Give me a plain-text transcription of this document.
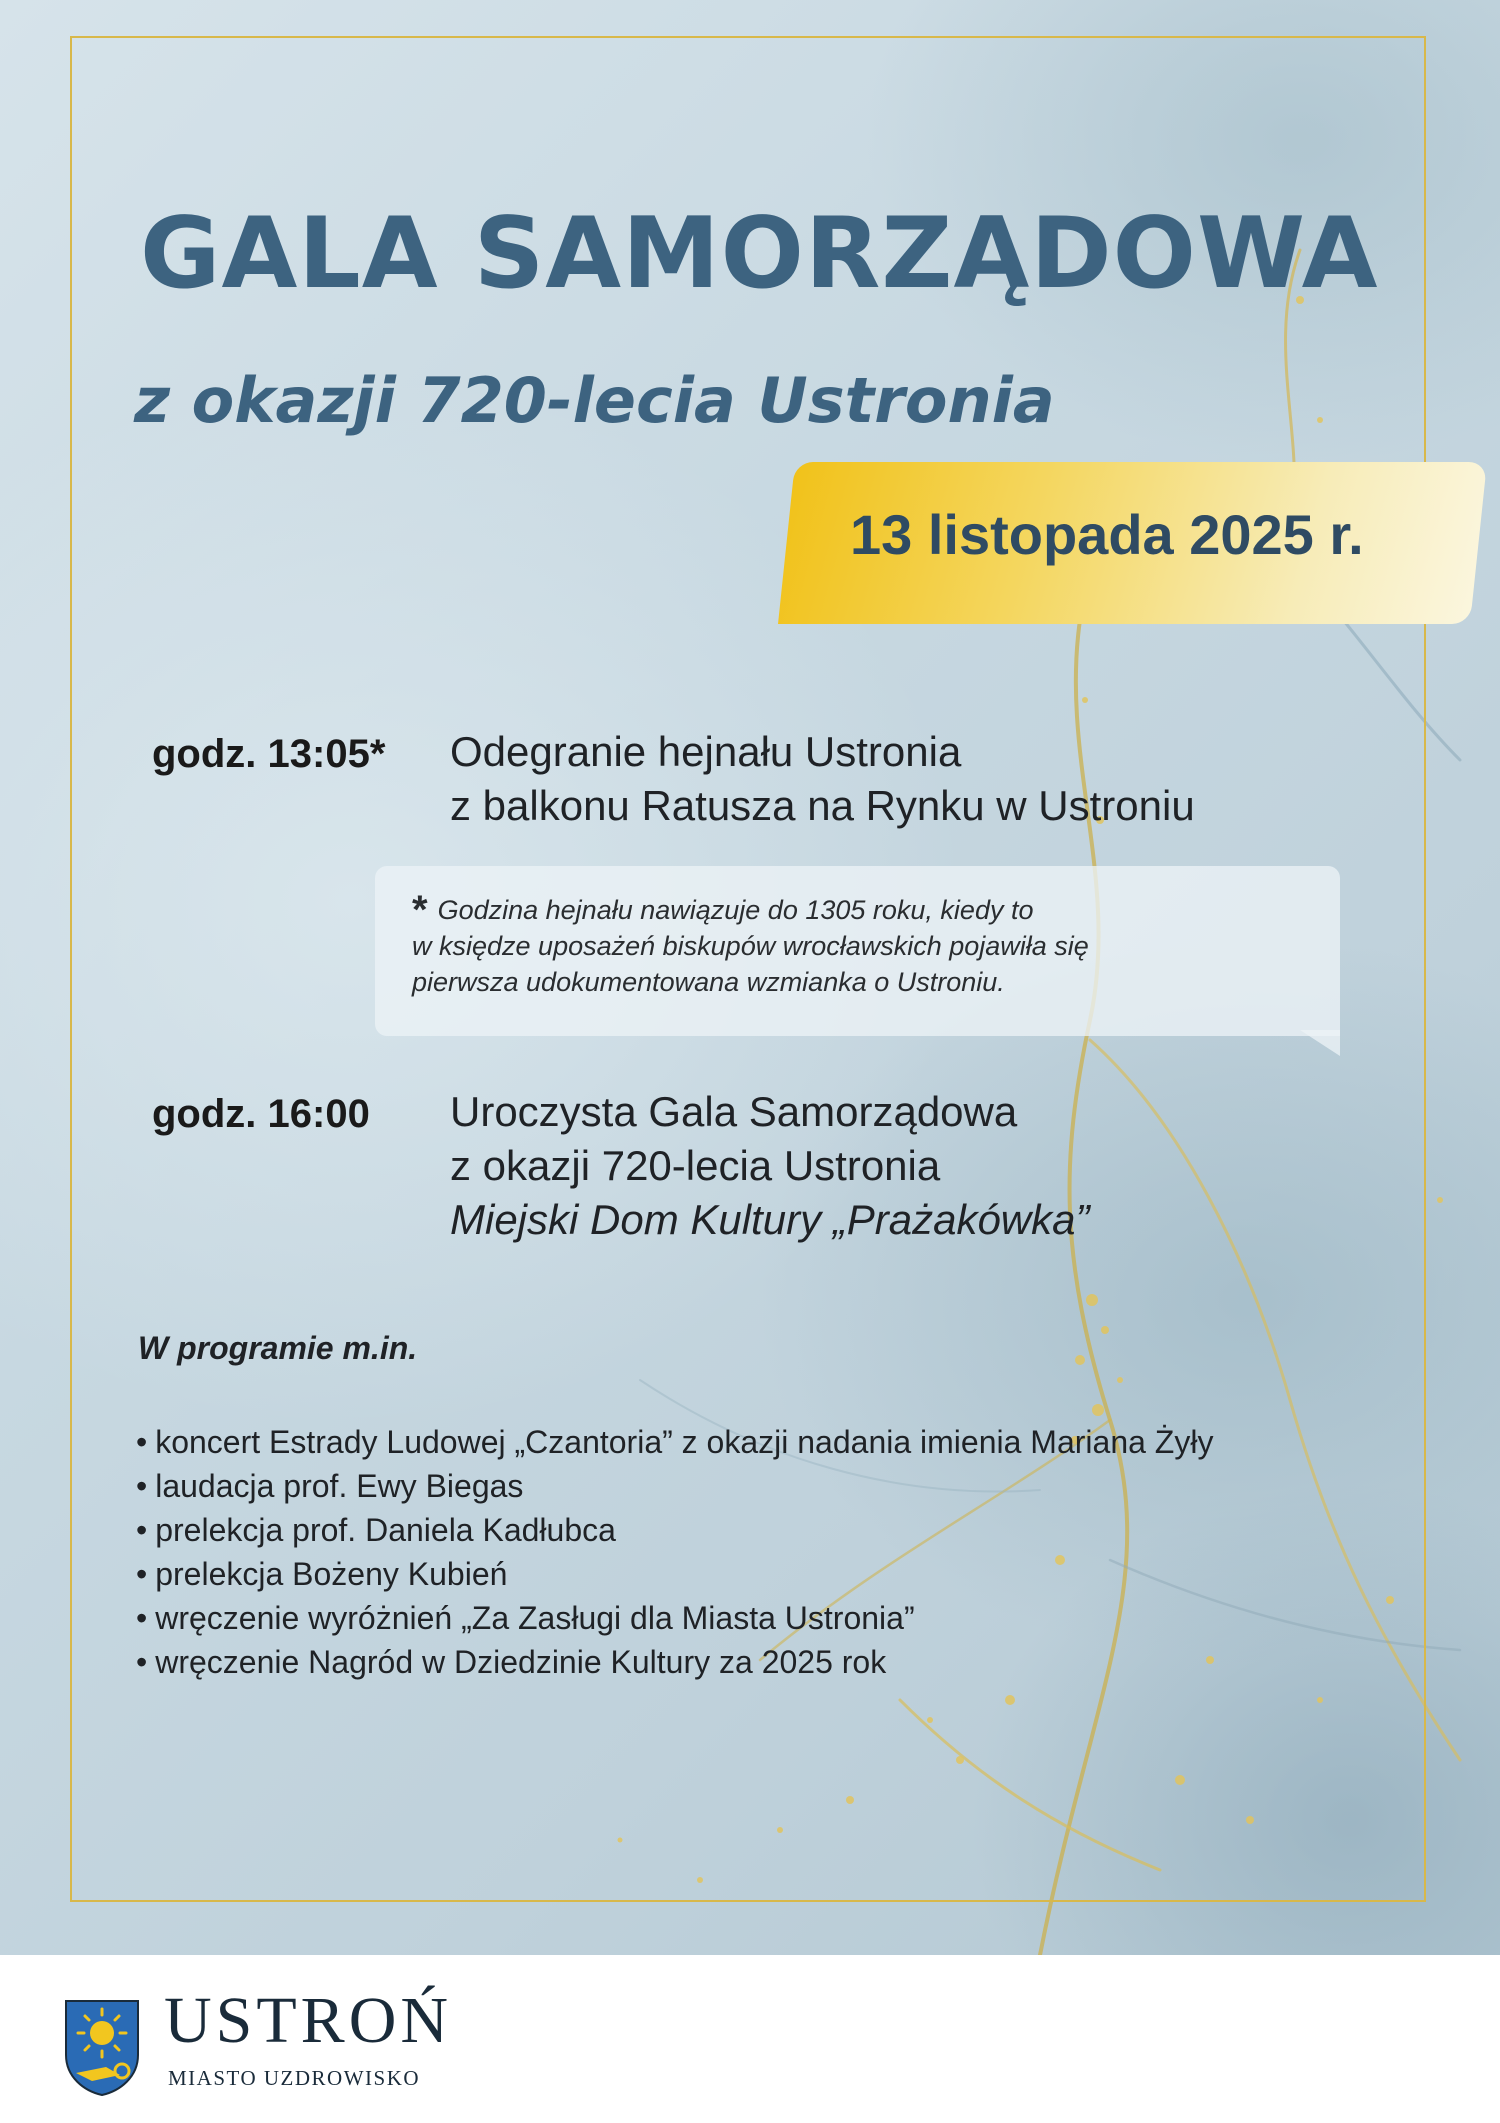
GALA SAMORZĄDOWA
z okazji 720-lecia Ustronia
13 listopada 2025 r.
godz. 13:05* Odegranie hejnału Ustronia
z balkonu Ratusza na Rynku w Ustroniu
* Godzina hejnału nawiązuje do 1305 roku, kiedy to
w księdze uposażeń biskupów wrocławskich pojawiła się
pierwsza udokumentowana wzmianka o Ustroniu.
godz. 16:00 Uroczysta Gala Samorządowa
z okazji 720-lecia Ustronia
Miejski Dom Kultury „Prażakówka”
W programie m.in.
• koncert Estrady Ludowej „Czantoria” z okazji nadania imienia Mariana Żyły
• laudacja prof. Ewy Biegas
• prelekcja prof. Daniela Kadłubca
• prelekcja Bożeny Kubień
• wręczenie wyróżnień „Za Zasługi dla Miasta Ustronia”
• wręczenie Nagród w Dziedzinie Kultury za 2025 rok
USTROŃ
MIASTO UZDROWISKO
